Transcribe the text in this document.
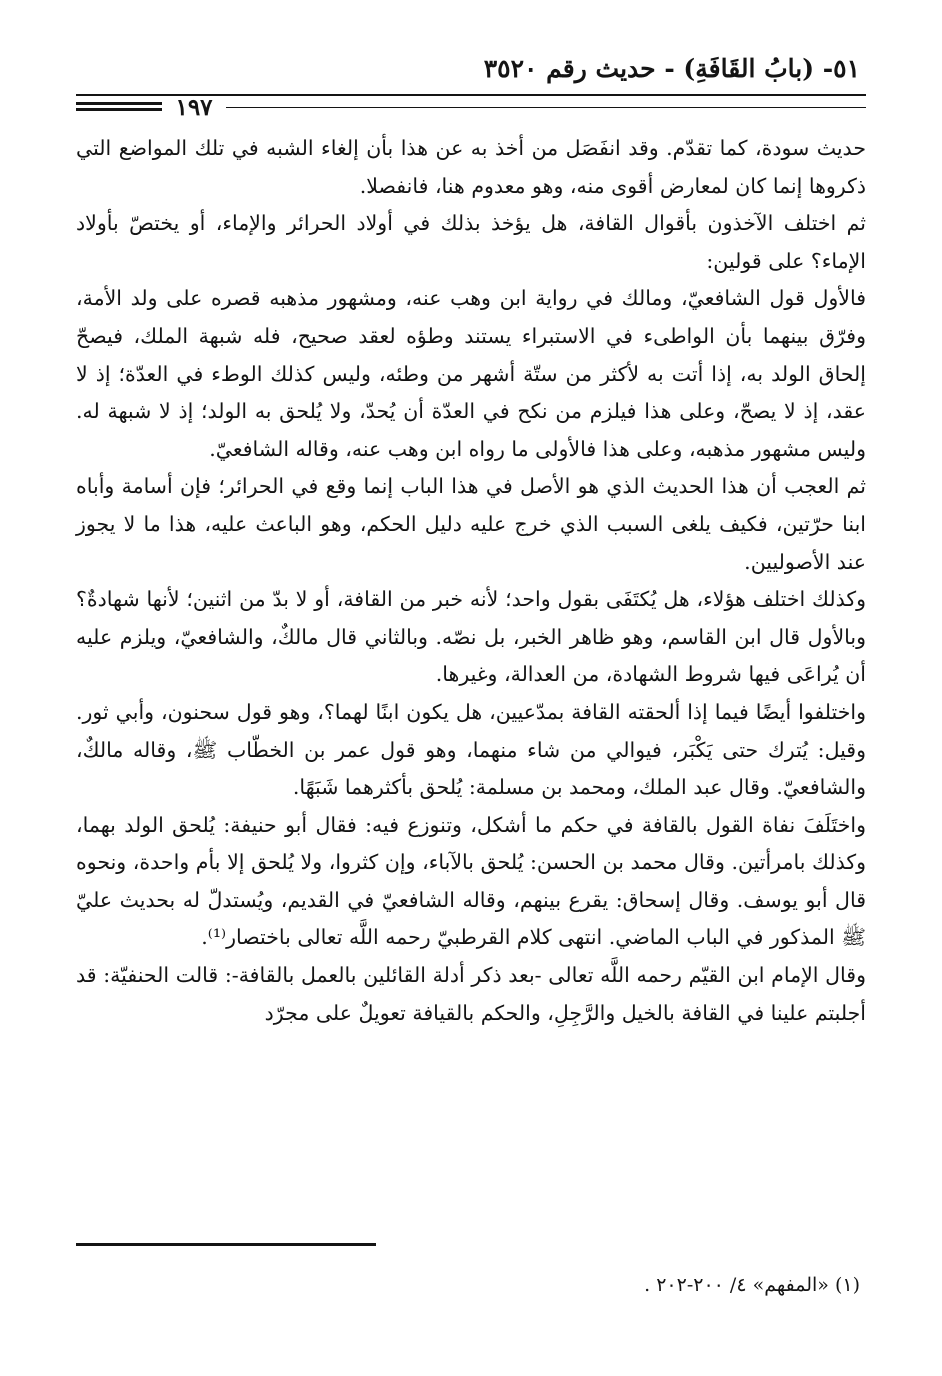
٥١- (بابُ القَافَةِ) - حديث رقم ٣٥٢٠
١٩٧

حديث سودة، كما تقدّم. وقد انفَصَل من أخذ به عن هذا بأن إلغاء الشبه في تلك المواضع التي ذكروها إنما كان لمعارض أقوى منه، وهو معدوم هنا، فانفصلا.

ثم اختلف الآخذون بأقوال القافة، هل يؤخذ بذلك في أولاد الحرائر والإماء، أو يختصّ بأولاد الإماء؟ على قولين:

فالأول قول الشافعيّ، ومالك في رواية ابن وهب عنه، ومشهور مذهبه قصره على ولد الأمة، وفرّق بينهما بأن الواطىء في الاستبراء يستند وطؤه لعقد صحيح، فله شبهة الملك، فيصحّ إلحاق الولد به، إذا أتت به لأكثر من ستّة أشهر من وطئه، وليس كذلك الوطء في العدّة؛ إذ لا عقد، إذ لا يصحّ، وعلى هذا فيلزم من نكح في العدّة أن يُحدّ، ولا يُلحق به الولد؛ إذ لا شبهة له. وليس مشهور مذهبه، وعلى هذا فالأولى ما رواه ابن وهب عنه، وقاله الشافعيّ.

ثم العجب أن هذا الحديث الذي هو الأصل في هذا الباب إنما وقع في الحرائر؛ فإن أسامة وأباه ابنا حرّتين، فكيف يلغى السبب الذي خرج عليه دليل الحكم، وهو الباعث عليه، هذا ما لا يجوز عند الأصوليين.

وكذلك اختلف هؤلاء، هل يُكتَفَى بقول واحد؛ لأنه خبر من القافة، أو لا بدّ من اثنين؛ لأنها شهادةٌ؟ وبالأول قال ابن القاسم، وهو ظاهر الخبر، بل نصّه. وبالثاني قال مالكٌ، والشافعيّ، ويلزم عليه أن يُراعَى فيها شروط الشهادة، من العدالة، وغيرها.

واختلفوا أيضًا فيما إذا ألحقته القافة بمدّعيين، هل يكون ابنًا لهما؟، وهو قول سحنون، وأبي ثور. وقيل: يُترك حتى يَكْبَر، فيوالي من شاء منهما، وهو قول عمر بن الخطّاب ﷺ، وقاله مالكٌ، والشافعيّ. وقال عبد الملك، ومحمد بن مسلمة: يُلحق بأكثرهما شَبَهًا.

واختَلَفَ نفاة القول بالقافة في حكم ما أشكل، وتنوزع فيه: فقال أبو حنيفة: يُلحق الولد بهما، وكذلك بامرأتين. وقال محمد بن الحسن: يُلحق بالآباء، وإن كثروا، ولا يُلحق إلا بأم واحدة، ونحوه قال أبو يوسف. وقال إسحاق: يقرع بينهم، وقاله الشافعيّ في القديم، ويُستدلّ له بحديث عليّ ﷺ المذكور في الباب الماضي. انتهى كلام القرطبيّ رحمه اللَّه تعالى باختصار⁽¹⁾.

وقال الإمام ابن القيّم رحمه اللَّه تعالى -بعد ذكر أدلة القائلين بالعمل بالقافة-: قالت الحنفيّة: قد أجلبتم علينا في القافة بالخيل والرَّجِلِ، والحكم بالقيافة تعويلٌ على مجرّد

(١) «المفهم» ٤/ ٢٠٠-٢٠٢ .
